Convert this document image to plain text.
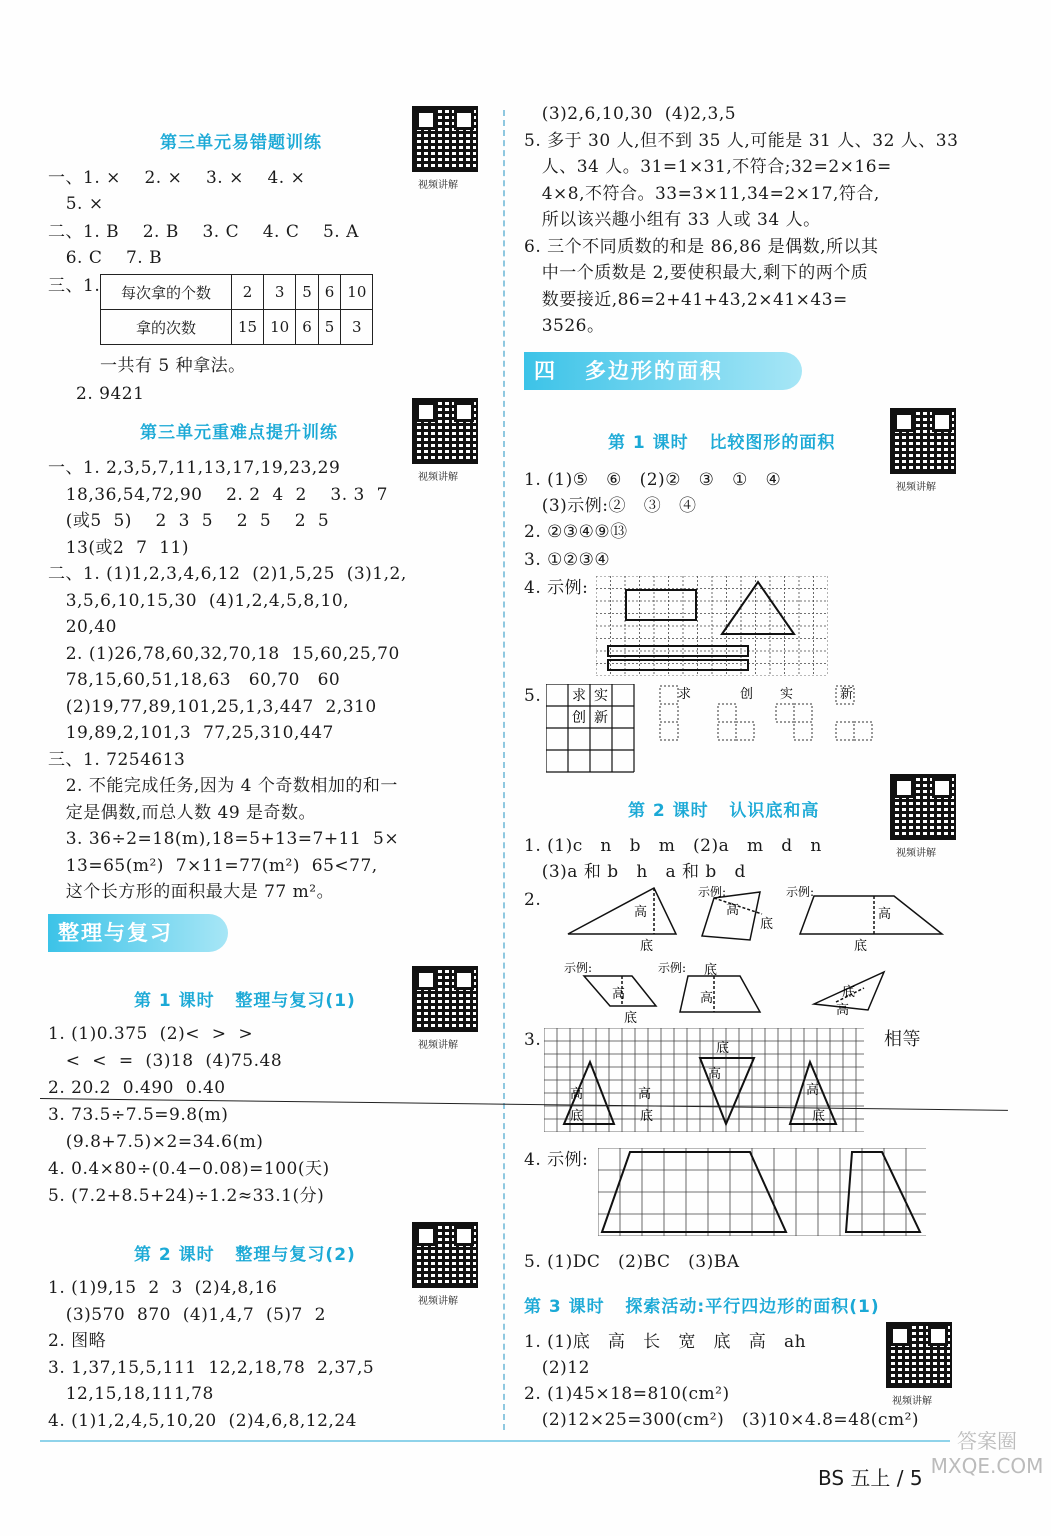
第三单元易错题训练
视频讲解
一、1. ×    2. ×    3. ×    4. ×
5. ×
二、1. B    2. B    3. C    4. C    5. A
6. C    7. B
三、1. 每次拿的个数	2	3	5	6	10
拿的次数	15	10	6	5	3
一共有 5 种拿法。
2. 9421
第三单元重难点提升训练
视频讲解
一、1. 2,3,5,7,11,13,17,19,23,29
18,36,54,72,90    2. 2  4  2    3. 3  7
(或5  5)    2  3  5    2  5    2  5
13(或2  7  11)
二、1. (1)1,2,3,4,6,12  (2)1,5,25  (3)1,2,
3,5,6,10,15,30  (4)1,2,4,5,8,10,
20,40
2. (1)26,78,60,32,70,18  15,60,25,70
78,15,60,51,18,63   60,70   60
(2)19,77,89,101,25,1,3,447  2,310
19,89,2,101,3  77,25,310,447
三、1. 7254613
2. 不能完成任务,因为 4 个奇数相加的和一
定是偶数,而总人数 49 是奇数。
3. 36÷2=18(m),18=5+13=7+11  5×
13=65(m²)  7×11=77(m²)  65<77,
这个长方形的面积最大是 77 m²。
整理与复习
第 1 课时   整理与复习(1)
视频讲解
1. (1)0.375  (2)<  >  >
<  <  =  (3)18  (4)75.48
2. 20.2  0.490  0.40
3. 73.5÷7.5=9.8(m)
(9.8+7.5)×2=34.6(m)
4. 0.4×80÷(0.4−0.08)=100(天)
5. (7.2+8.5+24)÷1.2≈33.1(分)
第 2 课时   整理与复习(2)
视频讲解
1. (1)9,15  2  3  (2)4,8,16
(3)570  870  (4)1,4,7  (5)7  2
2. 图略
3. 1,37,15,5,111  12,2,18,78  2,37,5
12,15,18,111,78
4. (1)1,2,4,5,10,20  (2)4,6,8,12,24
(3)2,6,10,30  (4)2,3,5
5. 多于 30 人,但不到 35 人,可能是 31 人、32 人、33
人、34 人。31=1×31,不符合;32=2×16=
4×8,不符合。33=3×11,34=2×17,符合,
所以该兴趣小组有 33 人或 34 人。
6. 三个不同质数的和是 86,86 是偶数,所以其
中一个质数是 2,要使积最大,剩下的两个质
数要接近,86=2+41+43,2×41×43=
3526。
四   多边形的面积
第 1 课时   比较图形的面积
视频讲解
1. (1)⑤   ⑥   (2)②   ③   ①   ④
(3)示例:②   ③   ④
2. ②③④⑨⑬
3. ①②③④
4. 示例:
5. 求 实
创 新
求	创 实	新
第 2 课时   认识底和高
视频讲解
1. (1)c   n   b   m   (2)a   m   d   n
(3)a 和 b   h   a 和 b   d
2.
高
底
示例:
高
底
示例:
高
底
示例:
高
底
示例: 底
高	底
高
3.
高
底
高
底
底
高
高
底
相等
4. 示例:
5. (1)DC   (2)BC   (3)BA
第 3 课时   探索活动:平行四边形的面积(1)
视频讲解
1. (1)底   高   长   宽   底   高   ah
(2)12
2. (1)45×18=810(cm²)
(2)12×25=300(cm²)   (3)10×4.8=48(cm²)
BS 五上 / 5
答案圈 MXQE.COM
